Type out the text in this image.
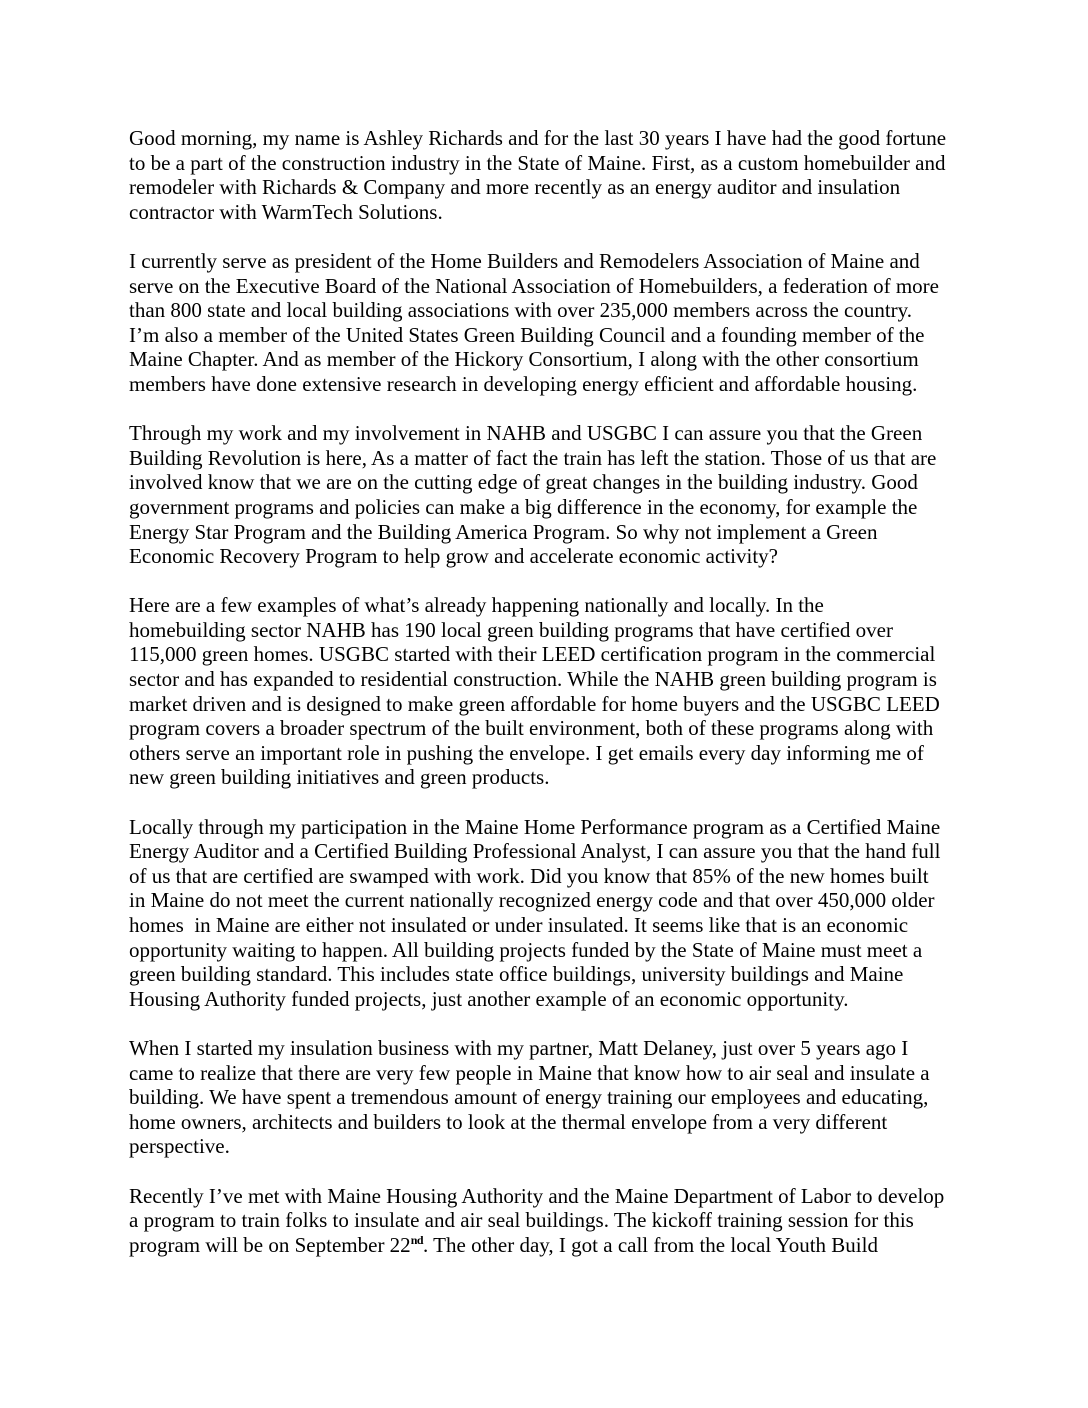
Good morning, my name is Ashley Richards and for the last 30 years I have had the good fortune
to be a part of the construction industry in the State of Maine. First, as a custom homebuilder and
remodeler with Richards & Company and more recently as an energy auditor and insulation
contractor with WarmTech Solutions.

I currently serve as president of the Home Builders and Remodelers Association of Maine and
serve on the Executive Board of the National Association of Homebuilders, a federation of more
than 800 state and local building associations with over 235,000 members across the country.
I’m also a member of the United States Green Building Council and a founding member of the
Maine Chapter. And as member of the Hickory Consortium, I along with the other consortium
members have done extensive research in developing energy efficient and affordable housing.

Through my work and my involvement in NAHB and USGBC I can assure you that the Green
Building Revolution is here, As a matter of fact the train has left the station. Those of us that are
involved know that we are on the cutting edge of great changes in the building industry. Good
government programs and policies can make a big difference in the economy, for example the
Energy Star Program and the Building America Program. So why not implement a Green
Economic Recovery Program to help grow and accelerate economic activity?

Here are a few examples of what’s already happening nationally and locally. In the
homebuilding sector NAHB has 190 local green building programs that have certified over
115,000 green homes. USGBC started with their LEED certification program in the commercial
sector and has expanded to residential construction. While the NAHB green building program is
market driven and is designed to make green affordable for home buyers and the USGBC LEED
program covers a broader spectrum of the built environment, both of these programs along with
others serve an important role in pushing the envelope. I get emails every day informing me of
new green building initiatives and green products.

Locally through my participation in the Maine Home Performance program as a Certified Maine
Energy Auditor and a Certified Building Professional Analyst, I can assure you that the hand full
of us that are certified are swamped with work. Did you know that 85% of the new homes built
in Maine do not meet the current nationally recognized energy code and that over 450,000 older
homes  in Maine are either not insulated or under insulated. It seems like that is an economic
opportunity waiting to happen. All building projects funded by the State of Maine must meet a
green building standard. This includes state office buildings, university buildings and Maine
Housing Authority funded projects, just another example of an economic opportunity.

When I started my insulation business with my partner, Matt Delaney, just over 5 years ago I
came to realize that there are very few people in Maine that know how to air seal and insulate a
building. We have spent a tremendous amount of energy training our employees and educating,
home owners, architects and builders to look at the thermal envelope from a very different
perspective.

Recently I’ve met with Maine Housing Authority and the Maine Department of Labor to develop
a program to train folks to insulate and air seal buildings. The kickoff training session for this
program will be on September 22nd. The other day, I got a call from the local Youth Build
